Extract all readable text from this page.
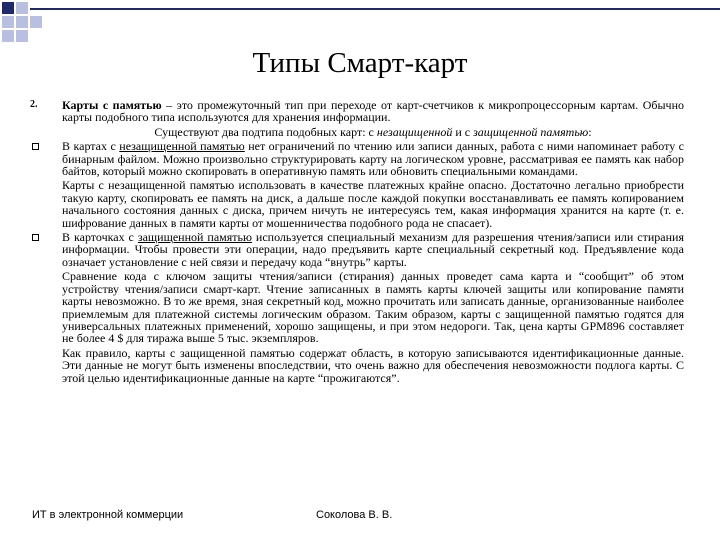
Типы Смарт-карт
2. Карты с памятью – это промежуточный тип при переходе от карт-счетчиков к микропроцессорным картам. Обычно карты подобного типа используются для хранения информации.
Существуют два подтипа подобных карт: с незащищенной и с защищенной памятью:
В картах с незащищенной памятью нет ограничений по чтению или записи данных, работа с ними напоминает работу с бинарным файлом. Можно произвольно структурировать карту на логическом уровне, рассматривая ее память как набор байтов, который можно скопировать в оперативную память или обновить специальными командами.
Карты с незащищенной памятью использовать в качестве платежных крайне опасно. Достаточно легально приобрести такую карту, скопировать ее память на диск, а дальше после каждой покупки восстанавливать ее память копированием начального состояния данных с диска, причем ничуть не интересуясь тем, какая информация хранится на карте (т. е. шифрование данных в памяти карты от мошенничества подобного рода не спасает).
В карточках с защищенной памятью используется специальный механизм для разрешения чтения/записи или стирания информации. Чтобы провести эти операции, надо предъявить карте специальный секретный код. Предъявление кода означает установление с ней связи и передачу кода “внутрь” карты.
Сравнение кода с ключом защиты чтения/записи (стирания) данных проведет сама карта и “сообщит” об этом устройству чтения/записи смарт-карт. Чтение записанных в память карты ключей защиты или копирование памяти карты невозможно. В то же время, зная секретный код, можно прочитать или записать данные, организованные наиболее приемлемым для платежной системы логическим образом. Таким образом, карты с защищенной памятью годятся для универсальных платежных применений, хорошо защищены, и при этом недороги. Так, цена карты GPM896 составляет не более 4 $ для тиража выше 5 тыс. экземпляров.
Как правило, карты с защищенной памятью содержат область, в которую записываются идентификационные данные. Эти данные не могут быть изменены впоследствии, что очень важно для обеспечения невозможности подлога карты. С этой целью идентификационные данные на карте “прожигаются”.
ИТ в электронной коммерции	Соколова В. В.
